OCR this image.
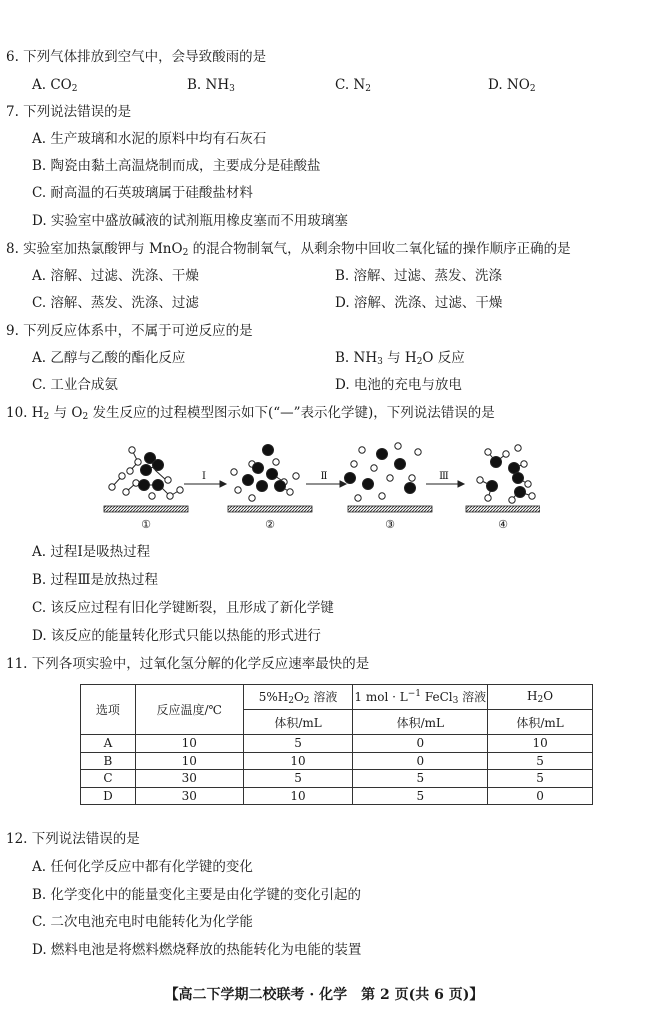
6. 下列气体排放到空气中，会导致酸雨的是
A. $CO_2$	B. $NH_3$	C. $N_2$	D. $NO_2$
7. 下列说法错误的是
A. 生产玻璃和水泥的原料中均有石灰石
B. 陶瓷由黏土高温烧制而成，主要成分是硅酸盐
C. 耐高温的石英玻璃属于硅酸盐材料
D. 实验室中盛放碱液的试剂瓶用橡皮塞而不用玻璃塞
8. 实验室加热氯酸钾与 MnO$_2$ 的混合物制氧气，从剩余物中回收二氧化锰的操作顺序正确的是
A. 溶解、过滤、洗涤、干燥	B. 溶解、过滤、蒸发、洗涤
C. 溶解、蒸发、洗涤、过滤	D. 溶解、洗涤、过滤、干燥
9. 下列反应体系中，不属于可逆反应的是
A. 乙醇与乙酸的酯化反应	B. $NH_3$ 与 $H_2O$ 反应
C. 工业合成氨	D. 电池的充电与放电
10. $H_2$ 与 $O_2$ 发生反应的过程模型图示如下(“—”表示化学键)，下列说法错误的是
Ⅰ	Ⅱ	Ⅲ
①	②	③	④
A. 过程Ⅰ是吸热过程
B. 过程Ⅲ是放热过程
C. 该反应过程有旧化学键断裂，且形成了新化学键
D. 该反应的能量转化形式只能以热能的形式进行
11. 下列各项实验中，过氧化氢分解的化学反应速率最快的是
选项	反应温度/℃	$5\%H_2O_2$ 溶液	1 mol · $L^{-1}$ FeCl$_3$ 溶液	$H_2O$
		体积/mL	体积/mL	体积/mL
A	10	5	0	10
B	10	10	0	5
C	30	5	5	5
D	30	10	5	0
12. 下列说法错误的是
A. 任何化学反应中都有化学键的变化
B. 化学变化中的能量变化主要是由化学键的变化引起的
C. 二次电池充电时电能转化为化学能
D. 燃料电池是将燃料燃烧释放的热能转化为电能的装置
【高二下学期二校联考 · 化学　第 2 页(共 6 页)】
